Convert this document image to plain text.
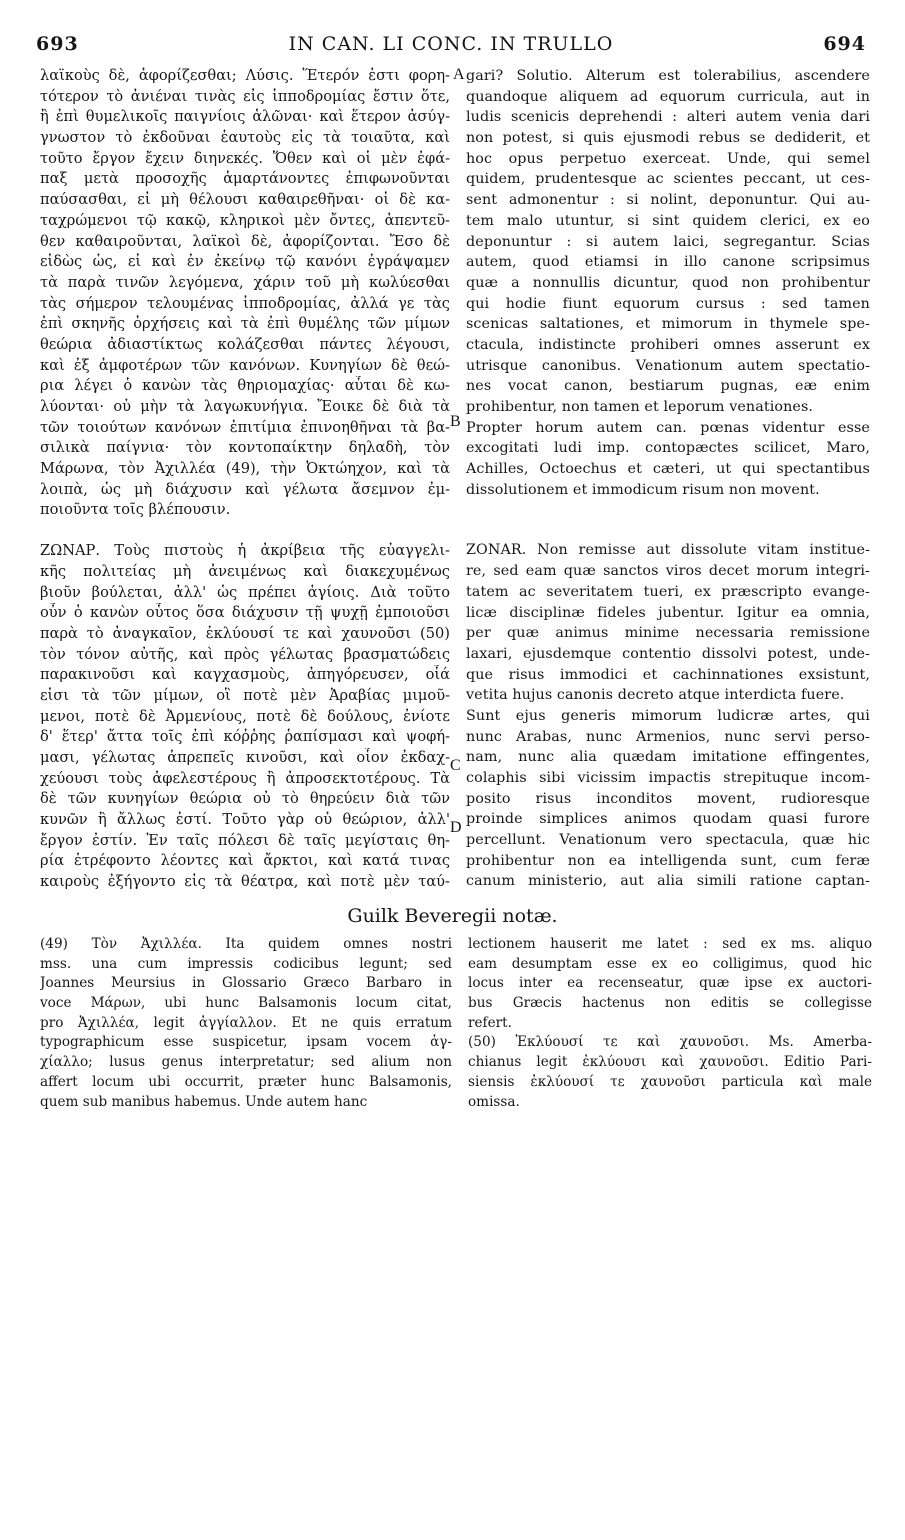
693	IN CAN. LI CONC. IN TRULLO	694
λαϊκοὺς δὲ, ἀφορίζεσθαι; Λύσις. Ἕτερόν ἐστι φορη-
τότερον τὸ ἀνιέναι τινὰς εἰς ἱπποδρομίας ἔστιν ὅτε,
ἢ ἐπὶ θυμελικοῖς παιγνίοις ἁλῶναι· καὶ ἕτερον ἀσύγ-
γνωστον τὸ ἐκδοῦναι ἑαυτοὺς εἰς τὰ τοιαῦτα, καὶ
τοῦτο ἔργον ἔχειν διηνεκές. Ὅθεν καὶ οἱ μὲν ἐφά-
παξ μετὰ προσοχῆς ἁμαρτάνοντες ἐπιφωνοῦνται
παύσασθαι, εἰ μὴ θέλουσι καθαιρεθῆναι· οἱ δὲ κα-
ταχρώμενοι τῷ κακῷ, κληρικοὶ μὲν ὄντες, ἀπεντεῦ-
θεν καθαιροῦνται, λαϊκοὶ δὲ, ἀφορίζονται. Ἔσο δὲ
εἰδὼς ὡς, εἰ καὶ ἐν ἐκείνῳ τῷ κανόνι ἐγράψαμεν
τὰ παρὰ τινῶν λεγόμενα, χάριν τοῦ μὴ κωλύεσθαι
τὰς σήμερον τελουμένας ἱπποδρομίας, ἀλλά γε τὰς
ἐπὶ σκηνῆς ὀρχήσεις καὶ τὰ ἐπὶ θυμέλης τῶν μίμων
θεώρια ἀδιαστίκτως κολάζεσθαι πάντες λέγουσι,
καὶ ἐξ ἀμφοτέρων τῶν κανόνων. Κυνηγίων δὲ θεώ-
ρια λέγει ὁ κανὼν τὰς θηριομαχίας· αὗται δὲ κω-
λύονται· οὐ μὴν τὰ λαγωκυνήγια. Ἔοικε δὲ διὰ τὰ
τῶν τοιούτων κανόνων ἐπιτίμια ἐπινοηθῆναι τὰ βα-
σιλικὰ παίγνια· τὸν κοντοπαίκτην δηλαδὴ, τὸν
Μάρωνα, τὸν Ἀχιλλέα (49), τὴν Ὀκτώηχον, καὶ τὰ
λοιπὰ, ὡς μὴ διάχυσιν καὶ γέλωτα ἄσεμνον ἐμ-
ποιοῦντα τοῖς βλέπουσιν.
ΖΩΝΑΡ. Τοὺς πιστοὺς ἡ ἀκρίβεια τῆς εὐαγγελι-
κῆς πολιτείας μὴ ἀνειμένως καὶ διακεχυμένως
βιοῦν βούλεται, ἀλλ' ὡς πρέπει ἁγίοις. Διὰ τοῦτο
οὖν ὁ κανὼν οὗτος ὅσα διάχυσιν τῇ ψυχῇ ἐμποιοῦσι
παρὰ τὸ ἀναγκαῖον, ἐκλύουσί τε καὶ χαυνοῦσι (50)
τὸν τόνον αὐτῆς, καὶ πρὸς γέλωτας βρασματώδεις
παρακινοῦσι καὶ καγχασμοὺς, ἀπηγόρευσεν, οἷά
εἰσι τὰ τῶν μίμων, οἳ ποτὲ μὲν Ἀραβίας μιμοῦ-
μενοι, ποτὲ δὲ Ἀρμενίους, ποτὲ δὲ δούλους, ἐνίοτε
δ' ἕτερ' ἄττα τοῖς ἐπὶ κόῤῥης ῥαπίσμασι καὶ ψοφή-
μασι, γέλωτας ἀπρεπεῖς κινοῦσι, καὶ οἷον ἐκδαχ-
χεύουσι τοὺς ἀφελεστέρους ἢ ἀπροσεκτοτέρους. Τὰ
δὲ τῶν κυνηγίων θεώρια οὐ τὸ θηρεύειν διὰ τῶν
κυνῶν ἢ ἄλλως ἐστί. Τοῦτο γὰρ οὐ θεώριον, ἀλλ'
ἔργον ἐστίν. Ἐν ταῖς πόλεσι δὲ ταῖς μεγίσταις θη-
ρία ἐτρέφοντο λέοντες καὶ ἄρκτοι, καὶ κατά τινας
καιροὺς ἐξήγοντο εἰς τὰ θέατρα, καὶ ποτὲ μὲν ταύ-
gari? Solutio. Alterum est tolerabilius, ascendere
quandoque aliquem ad equorum curricula, aut in
ludis scenicis deprehendi : alteri autem venia dari
non potest, si quis ejusmodi rebus se dediderit, et
hoc opus perpetuo exerceat. Unde, qui semel
quidem, prudentesque ac scientes peccant, ut ces-
sent admonentur : si nolint, deponuntur. Qui au-
tem malo utuntur, si sint quidem clerici, ex eo
deponuntur : si autem laici, segregantur. Scias
autem, quod etiamsi in illo canone scripsimus
quæ a nonnullis dicuntur, quod non prohibentur
qui hodie fiunt equorum cursus : sed tamen
scenicas saltationes, et mimorum in thymele spe-
ctacula, indistincte prohiberi omnes asserunt ex
utrisque canonibus. Venationum autem spectatio-
nes vocat canon, bestiarum pugnas, eæ enim
prohibentur, non tamen et leporum venationes.
Propter horum autem can. pœnas videntur esse
excogitati ludi imp. contopæctes scilicet, Maro,
Achilles, Octoechus et cæteri, ut qui spectantibus
dissolutionem et immodicum risum non movent.
ZONAR. Non remisse aut dissolute vitam institue-
re, sed eam quæ sanctos viros decet morum integri-
tatem ac severitatem tueri, ex præscripto evange-
licæ disciplinæ fideles jubentur. Igitur ea omnia,
per quæ animus minime necessaria remissione
laxari, ejusdemque contentio dissolvi potest, unde-
que risus immodici et cachinnationes exsistunt,
vetita hujus canonis decreto atque interdicta fuere.
Sunt ejus generis mimorum ludicræ artes, qui
nunc Arabas, nunc Armenios, nunc servi perso-
nam, nunc alia quædam imitatione effingentes,
colaphis sibi vicissim impactis strepituque incom-
posito risus inconditos movent, rudioresque
proinde simplices animos quodam quasi furore
percellunt. Venationum vero spectacula, quæ hic
prohibentur non ea intelligenda sunt, cum feræ
canum ministerio, aut alia simili ratione captan-
A
B
C
D
Guilk Beveregii notæ.
(49) Τὸν Ἀχιλλέα. Ita quidem omnes nostri
mss. una cum impressis codicibus legunt; sed
Joannes Meursius in Glossario Græco Barbaro in
voce Μάρων, ubi hunc Balsamonis locum citat,
pro Ἀχιλλέα, legit ἀγγίαλλον. Et ne quis erratum
typographicum esse suspicetur, ipsam vocem ἀγ-
χίαλλο; lusus genus interpretatur; sed alium non
affert locum ubi occurrit, præter hunc Balsamonis,
quem sub manibus habemus. Unde autem hanc
lectionem hauserit me latet : sed ex ms. aliquo
eam desumptam esse ex eo colligimus, quod hic
locus inter ea recenseatur, quæ ipse ex auctori-
bus Græcis hactenus non editis se collegisse
refert.
(50) Ἐκλύουσί τε καὶ χαυνοῦσι. Ms. Amerba-
chianus legit ἐκλύουσι καὶ χαυνοῦσι. Editio Pari-
siensis ἐκλύουσί τε χαυνοῦσι particula καὶ male
omissa.
